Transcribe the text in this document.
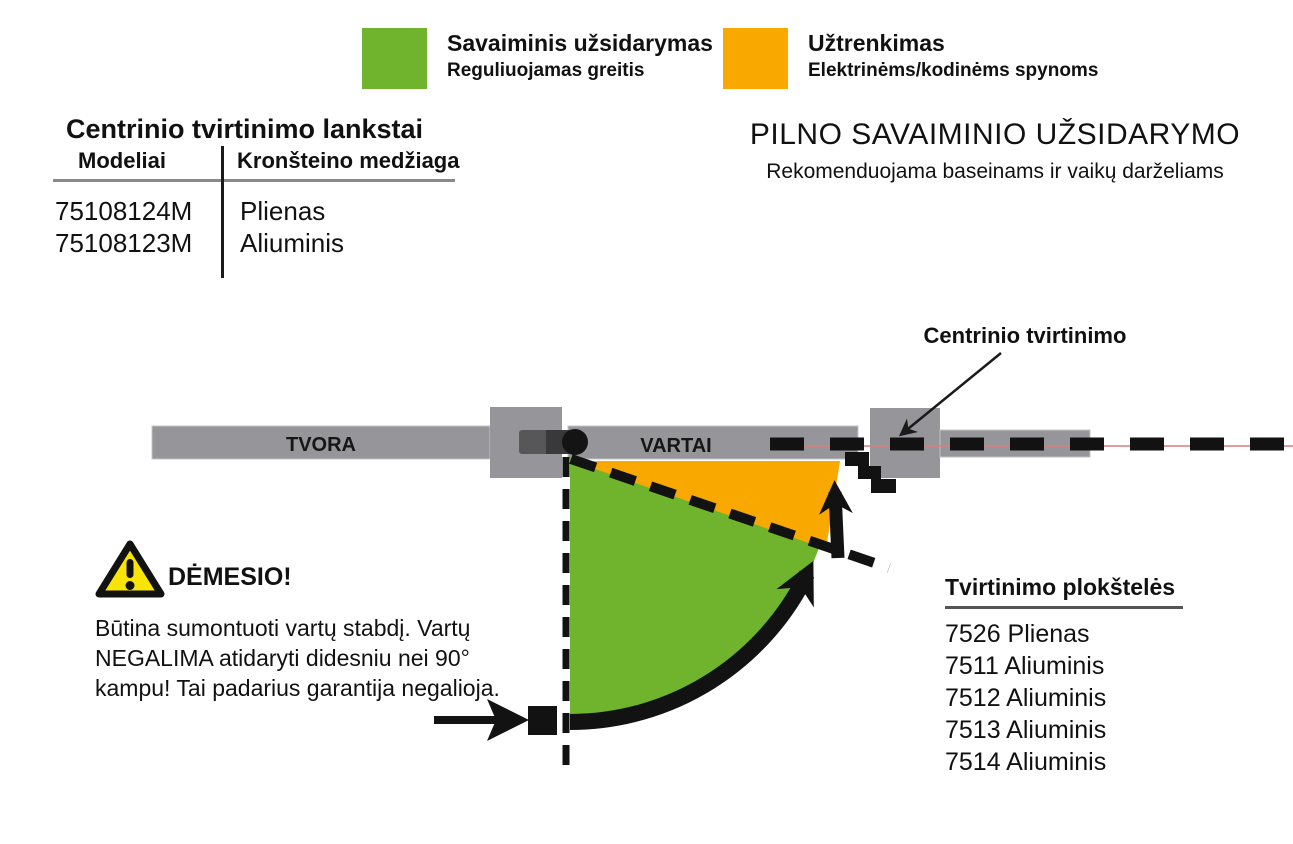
Savaiminis užsidarymas
Reguliuojamas greitis
Užtrenkimas
Elektrinėms/kodinėms spynoms
Centrinio tvirtinimo lankstai
Modeliai	Kronšteino medžiaga
75108124M Plienas
75108123M Aliuminis
PILNO SAVAIMINIO UŽSIDARYMO
Rekomenduojama baseinams ir vaikų darželiams
TVORA	VARTAI
Centrinio tvirtinimo
DĖMESIO!
Būtina sumontuoti vartų stabdį. Vartų
NEGALIMA atidaryti didesniu nei 90°
kampu! Tai padarius garantija negalioja.
Tvirtinimo plokštelės
7526 Plienas
7511 Aliuminis
7512 Aliuminis
7513 Aliuminis
7514 Aliuminis
